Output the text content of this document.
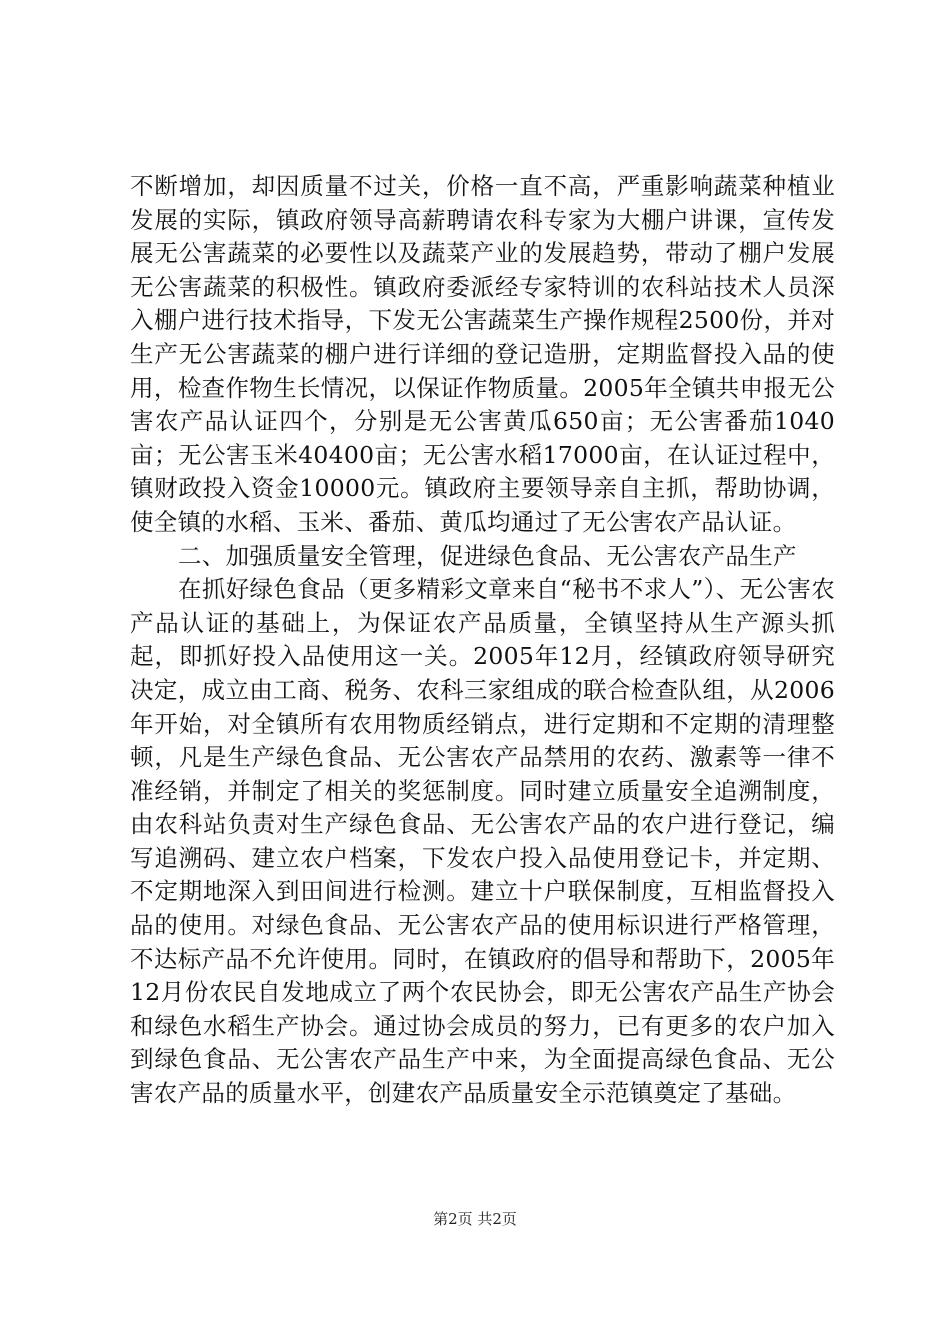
不断增加，却因质量不过关，价格一直不高，严重影响蔬菜种植业发展的实际，镇政府领导高薪聘请农科专家为大棚户讲课，宣传发展无公害蔬菜的必要性以及蔬菜产业的发展趋势，带动了棚户发展无公害蔬菜的积极性。镇政府委派经专家特训的农科站技术人员深入棚户进行技术指导，下发无公害蔬菜生产操作规程2500份，并对生产无公害蔬菜的棚户进行详细的登记造册，定期监督投入品的使用，检查作物生长情况，以保证作物质量。2005年全镇共申报无公害农产品认证四个，分别是无公害黄瓜650亩；无公害番茄1040亩；无公害玉米40400亩；无公害水稻17000亩，在认证过程中，镇财政投入资金10000元。镇政府主要领导亲自主抓，帮助协调，使全镇的水稻、玉米、番茄、黄瓜均通过了无公害农产品认证。

二、加强质量安全管理，促进绿色食品、无公害农产品生产

在抓好绿色食品（更多精彩文章来自“秘书不求人”）、无公害农产品认证的基础上，为保证农产品质量，全镇坚持从生产源头抓起，即抓好投入品使用这一关。2005年12月，经镇政府领导研究决定，成立由工商、税务、农科三家组成的联合检查队组，从2006年开始，对全镇所有农用物质经销点，进行定期和不定期的清理整顿，凡是生产绿色食品、无公害农产品禁用的农药、激素等一律不准经销，并制定了相关的奖惩制度。同时建立质量安全追溯制度，由农科站负责对生产绿色食品、无公害农产品的农户进行登记，编写追溯码、建立农户档案，下发农户投入品使用登记卡，并定期、不定期地深入到田间进行检测。建立十户联保制度，互相监督投入品的使用。对绿色食品、无公害农产品的使用标识进行严格管理，不达标产品不允许使用。同时，在镇政府的倡导和帮助下，2005年12月份农民自发地成立了两个农民协会，即无公害农产品生产协会和绿色水稻生产协会。通过协会成员的努力，已有更多的农户加入到绿色食品、无公害农产品生产中来，为全面提高绿色食品、无公害农产品的质量水平，创建农产品质量安全示范镇奠定了基础。

第2页 共2页
